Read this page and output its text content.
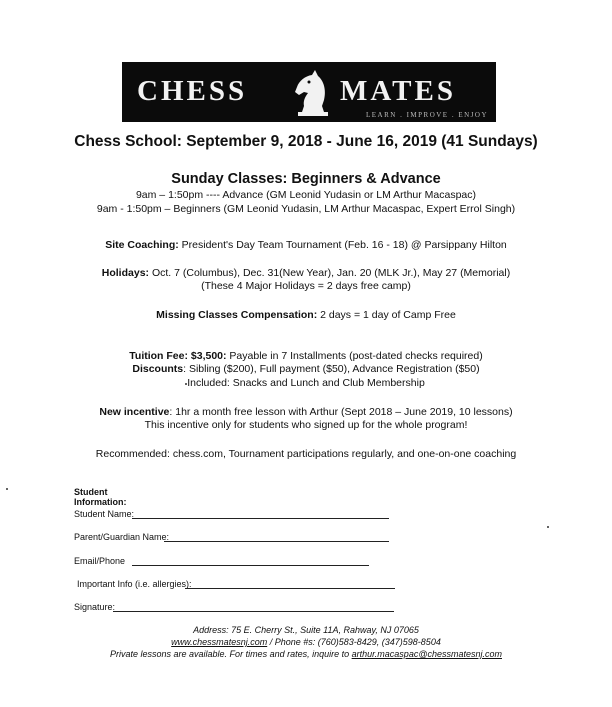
CHESS	MATES
LEARN . IMPROVE . ENJOY
Chess School: September 9, 2018 - June 16, 2019 (41 Sundays)
Sunday Classes: Beginners & Advance
9am – 1:50pm ---- Advance (GM Leonid Yudasin or LM Arthur Macaspac)
9am - 1:50pm – Beginners (GM Leonid Yudasin, LM Arthur Macaspac, Expert Errol Singh)
Site Coaching: President's Day Team Tournament (Feb. 16 - 18) @ Parsippany Hilton
Holidays: Oct. 7 (Columbus), Dec. 31(New Year), Jan. 20 (MLK Jr.), May 27 (Memorial)
(These 4 Major Holidays = 2 days free camp)
Missing Classes Compensation: 2 days = 1 day of Camp Free
Tuition Fee: $3,500: Payable in 7 Installments (post-dated checks required)
Discounts: Sibling ($200), Full payment ($50), Advance Registration ($50)
Included: Snacks and Lunch and Club Membership
New incentive: 1hr a month free lesson with Arthur (Sept 2018 – June 2019, 10 lessons)
This incentive only for students who signed up for the whole program!
Recommended: chess.com, Tournament participations regularly, and one-on-one coaching
Student Information:
Student Name:
Parent/Guardian Name:
Email/Phone
Important Info (i.e. allergies):
Signature:
Address: 75 E. Cherry St., Suite 11A, Rahway, NJ 07065
www.chessmatesnj.com / Phone #s: (760)583-8429, (347)598-8504
Private lessons are available. For times and rates, inquire to arthur.macaspac@chessmatesnj.com
